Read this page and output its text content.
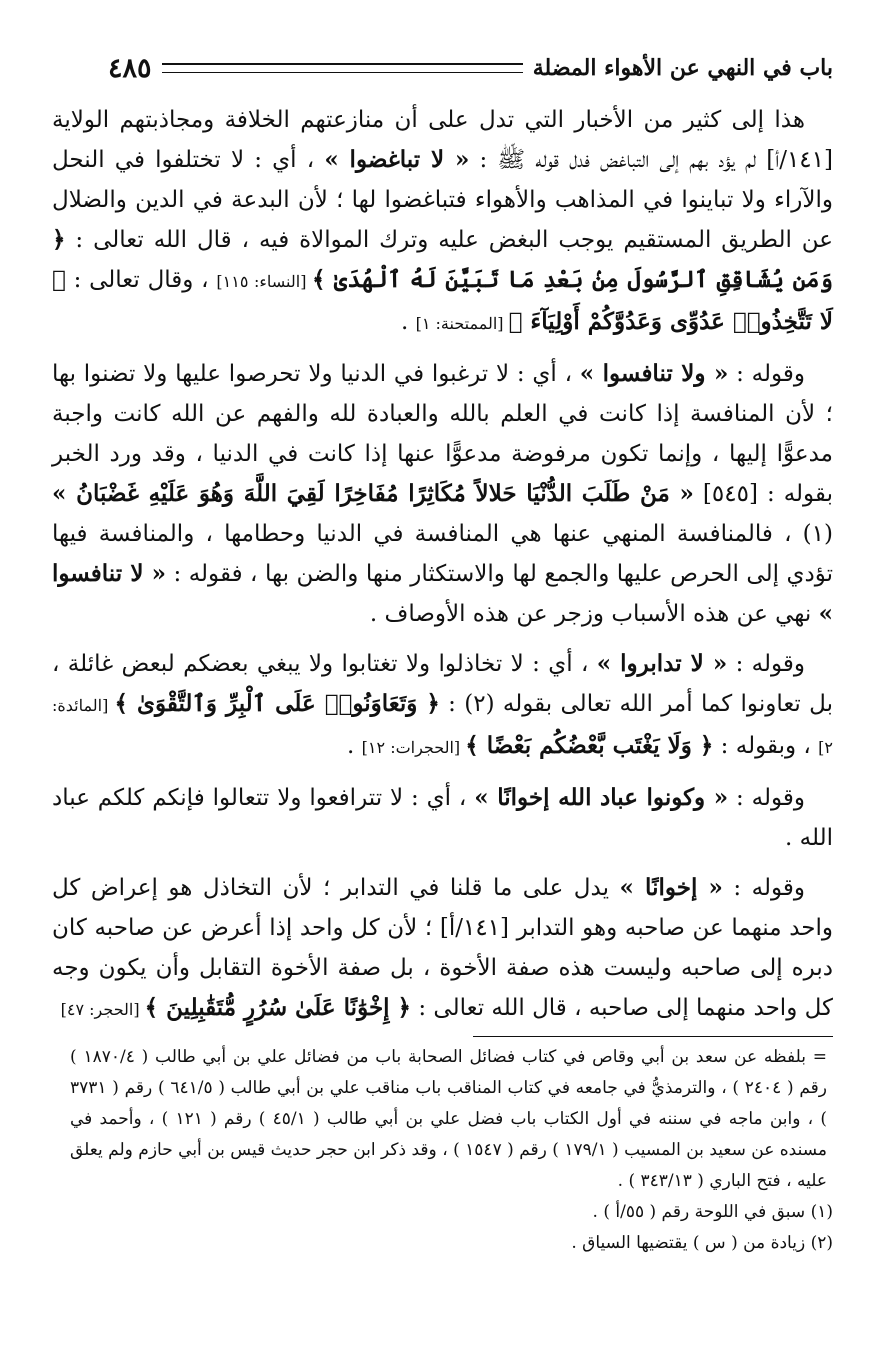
باب في النهي عن الأهواء المضلة
٤٨٥

هذا إلى كثير من الأخبار التي تدل على أن منازعتهم الخلافة ومجاذبتهم الولاية [١٤١/أ] لم يؤد بهم إلى التباغض فدل قوله ﷺ : « لا تباغضوا » ، أي : لا تختلفوا في النحل والآراء ولا تباينوا في المذاهب والأهواء فتباغضوا لها ؛ لأن البدعة في الدين والضلال عن الطريق المستقيم يوجب البغض عليه وترك الموالاة فيه ، قال الله تعالى : ﴿ وَمَن يُشَاقِقِ ٱلرَّسُولَ مِنۢ بَعْدِ مَا تَبَيَّنَ لَهُ ٱلْهُدَىٰ ﴾ [النساء: ١١٥] ، وقال تعالى : ﴿ لَا تَتَّخِذُوا۟ عَدُوِّى وَعَدُوَّكُمْ أَوْلِيَآءَ ﴾ [الممتحنة: ١] .

وقوله : « ولا تنافسوا » ، أي : لا ترغبوا في الدنيا ولا تحرصوا عليها ولا تضنوا بها ؛ لأن المنافسة إذا كانت في العلم بالله والعبادة لله والفهم عن الله كانت واجبة مدعوًّا إليها ، وإنما تكون مرفوضة مدعوًّا عنها إذا كانت في الدنيا ، وقد ورد الخبر بقوله : [٥٤٥] « مَنْ طَلَبَ الدُّنْيَا حَلالاً مُكَاثِرًا مُفَاخِرًا لَقِيَ اللَّهَ وَهُوَ عَلَيْهِ غَضْبَانُ » (١) ، فالمنافسة المنهي عنها هي المنافسة في الدنيا وحطامها ، والمنافسة فيها تؤدي إلى الحرص عليها والجمع لها والاستكثار منها والضن بها ، فقوله : « لا تنافسوا » نهي عن هذه الأسباب وزجر عن هذه الأوصاف .

وقوله : « لا تدابروا » ، أي : لا تخاذلوا ولا تغتابوا ولا يبغي بعضكم لبعض غائلة ، بل تعاونوا كما أمر الله تعالى بقوله (٢) : ﴿ وَتَعَاوَنُوا۟ عَلَى ٱلْبِرِّ وَٱلتَّقْوَىٰ ﴾ [المائدة: ٢] ، وبقوله : ﴿ وَلَا يَغْتَب بَّعْضُكُم بَعْضًا ﴾ [الحجرات: ١٢] .

وقوله : « وكونوا عباد الله إخوانًا » ، أي : لا تترافعوا ولا تتعالوا فإنكم كلكم عباد الله .

وقوله : « إخوانًا » يدل على ما قلنا في التدابر ؛ لأن التخاذل هو إعراض كل واحد منهما عن صاحبه وهو التدابر [١٤١/أ] ؛ لأن كل واحد إذا أعرض عن صاحبه كان دبره إلى صاحبه وليست هذه صفة الأخوة ، بل صفة الأخوة التقابل وأن يكون وجه كل واحد منهما إلى صاحبه ، قال الله تعالى : ﴿ إِخْوَٰنًا عَلَىٰ سُرُرٍ مُّتَقَٰبِلِينَ ﴾ [الحجر: ٤٧]

= بلفظه عن سعد بن أبي وقاص في كتاب فضائل الصحابة باب من فضائل علي بن أبي طالب ( ١٨٧٠/٤ ) رقم ( ٢٤٠٤ ) ، والترمذيُّ في جامعه في كتاب المناقب باب مناقب علي بن أبي طالب ( ٦٤١/٥ ) رقم ( ٣٧٣١ ) ، وابن ماجه في سننه في أول الكتاب باب فضل علي بن أبي طالب ( ٤٥/١ ) رقم ( ١٢١ ) ، وأحمد في مسنده عن سعيد بن المسيب ( ١٧٩/١ ) رقم ( ١٥٤٧ ) ، وقد ذكر ابن حجر حديث قيس بن أبي حازم ولم يعلق عليه ، فتح الباري ( ٣٤٣/١٣ ) .

(١) سبق في اللوحة رقم ( ٥٥/أ ) .

(٢) زيادة من ( س ) يقتضيها السياق .
